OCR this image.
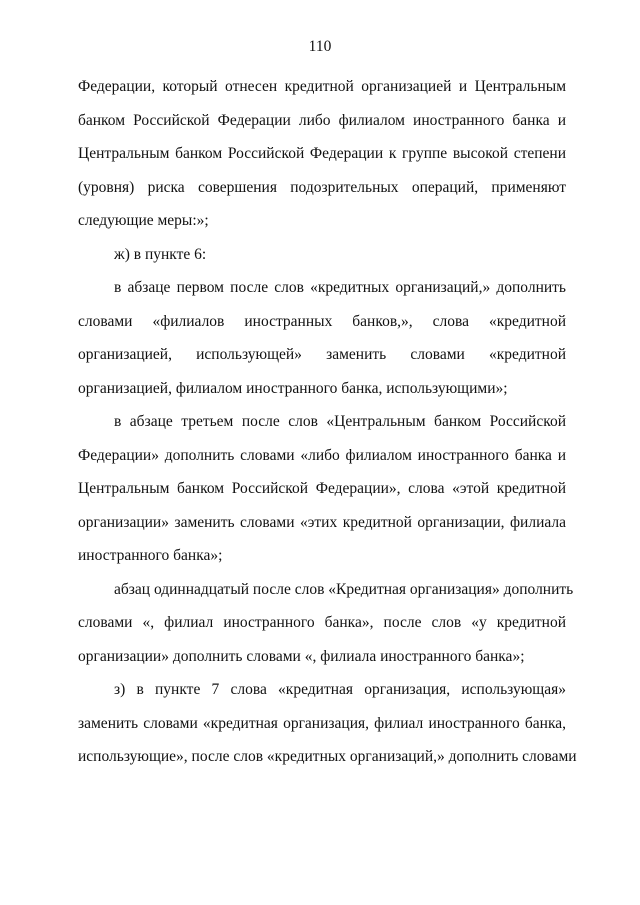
110
Федерации, который отнесен кредитной организацией и Центральным
банком Российской Федерации либо филиалом иностранного банка и
Центральным банком Российской Федерации к группе высокой степени
(уровня) риска совершения подозрительных операций, применяют
следующие меры:»;
ж) в пункте 6:
в абзаце первом после слов «кредитных организаций,» дополнить
словами «филиалов иностранных банков,», слова «кредитной
организацией, использующей» заменить словами «кредитной
организацией, филиалом иностранного банка, использующими»;
в абзаце третьем после слов «Центральным банком Российской
Федерации» дополнить словами «либо филиалом иностранного банка и
Центральным банком Российской Федерации», слова «этой кредитной
организации» заменить словами «этих кредитной организации, филиала
иностранного банка»;
абзац одиннадцатый после слов «Кредитная организация» дополнить
словами «, филиал иностранного банка», после слов «у кредитной
организации» дополнить словами «, филиала иностранного банка»;
з) в пункте 7 слова «кредитная организация, использующая»
заменить словами «кредитная организация, филиал иностранного банка,
использующие», после слов «кредитных организаций,» дополнить словами
